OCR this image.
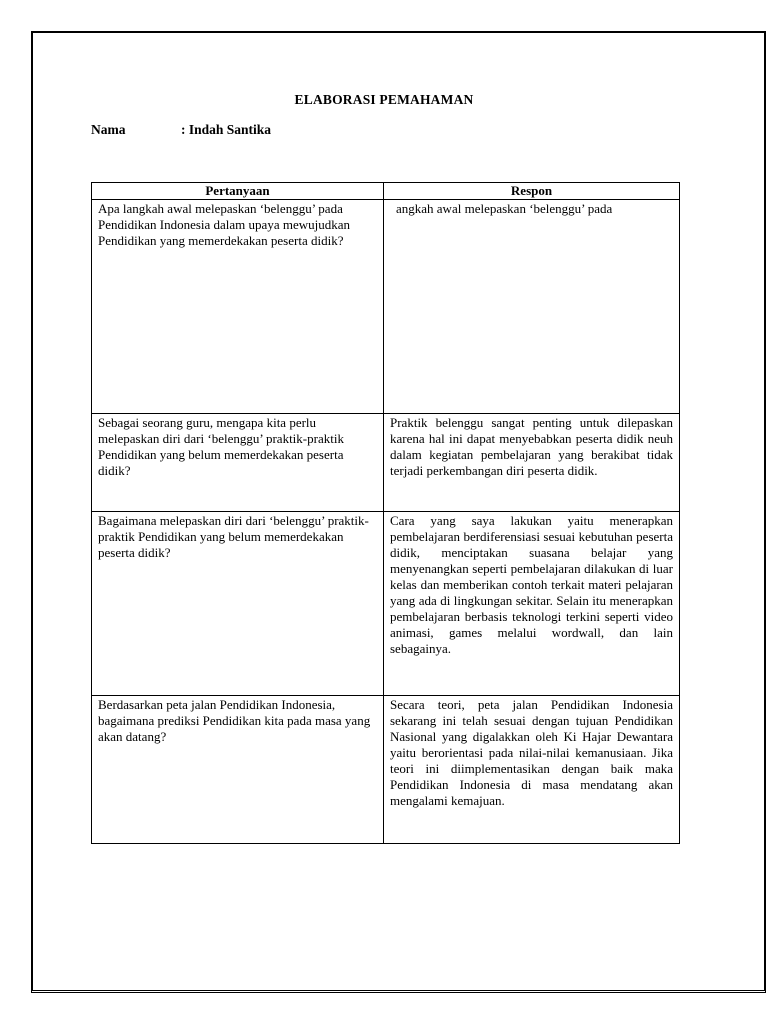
ELABORASI PEMAHAMAN
Nama	: Indah Santika
Pertanyaan	Respon
Apa langkah awal melepaskan ‘belenggu’ pada Pendidikan Indonesia dalam upaya mewujudkan Pendidikan yang memerdekakan peserta didik?	angkah awal melepaskan ‘belenggu’ pada
Sebagai seorang guru, mengapa kita perlu melepaskan diri dari ‘belenggu’ praktik-praktik Pendidikan yang belum memerdekakan peserta didik?	Praktik belenggu sangat penting untuk dilepaskan karena hal ini dapat menyebabkan peserta didik neuh dalam kegiatan pembelajaran yang berakibat tidak terjadi perkembangan diri peserta didik.
Bagaimana melepaskan diri dari ‘belenggu’ praktik-praktik Pendidikan yang belum memerdekakan peserta didik?	Cara yang saya lakukan yaitu menerapkan pembelajaran berdiferensiasi sesuai kebutuhan peserta didik, menciptakan suasana belajar yang menyenangkan seperti pembelajaran dilakukan di luar kelas dan memberikan contoh terkait materi pelajaran yang ada di lingkungan sekitar. Selain itu menerapkan pembelajaran berbasis teknologi terkini seperti video animasi, games melalui wordwall, dan lain sebagainya.
Berdasarkan peta jalan Pendidikan Indonesia, bagaimana prediksi Pendidikan kita pada masa yang akan datang?	Secara teori, peta jalan Pendidikan Indonesia sekarang ini telah sesuai dengan tujuan Pendidikan Nasional yang digalakkan oleh Ki Hajar Dewantara yaitu berorientasi pada nilai-nilai kemanusiaan. Jika teori ini diimplementasikan dengan baik maka Pendidikan Indonesia di masa mendatang akan mengalami kemajuan.
